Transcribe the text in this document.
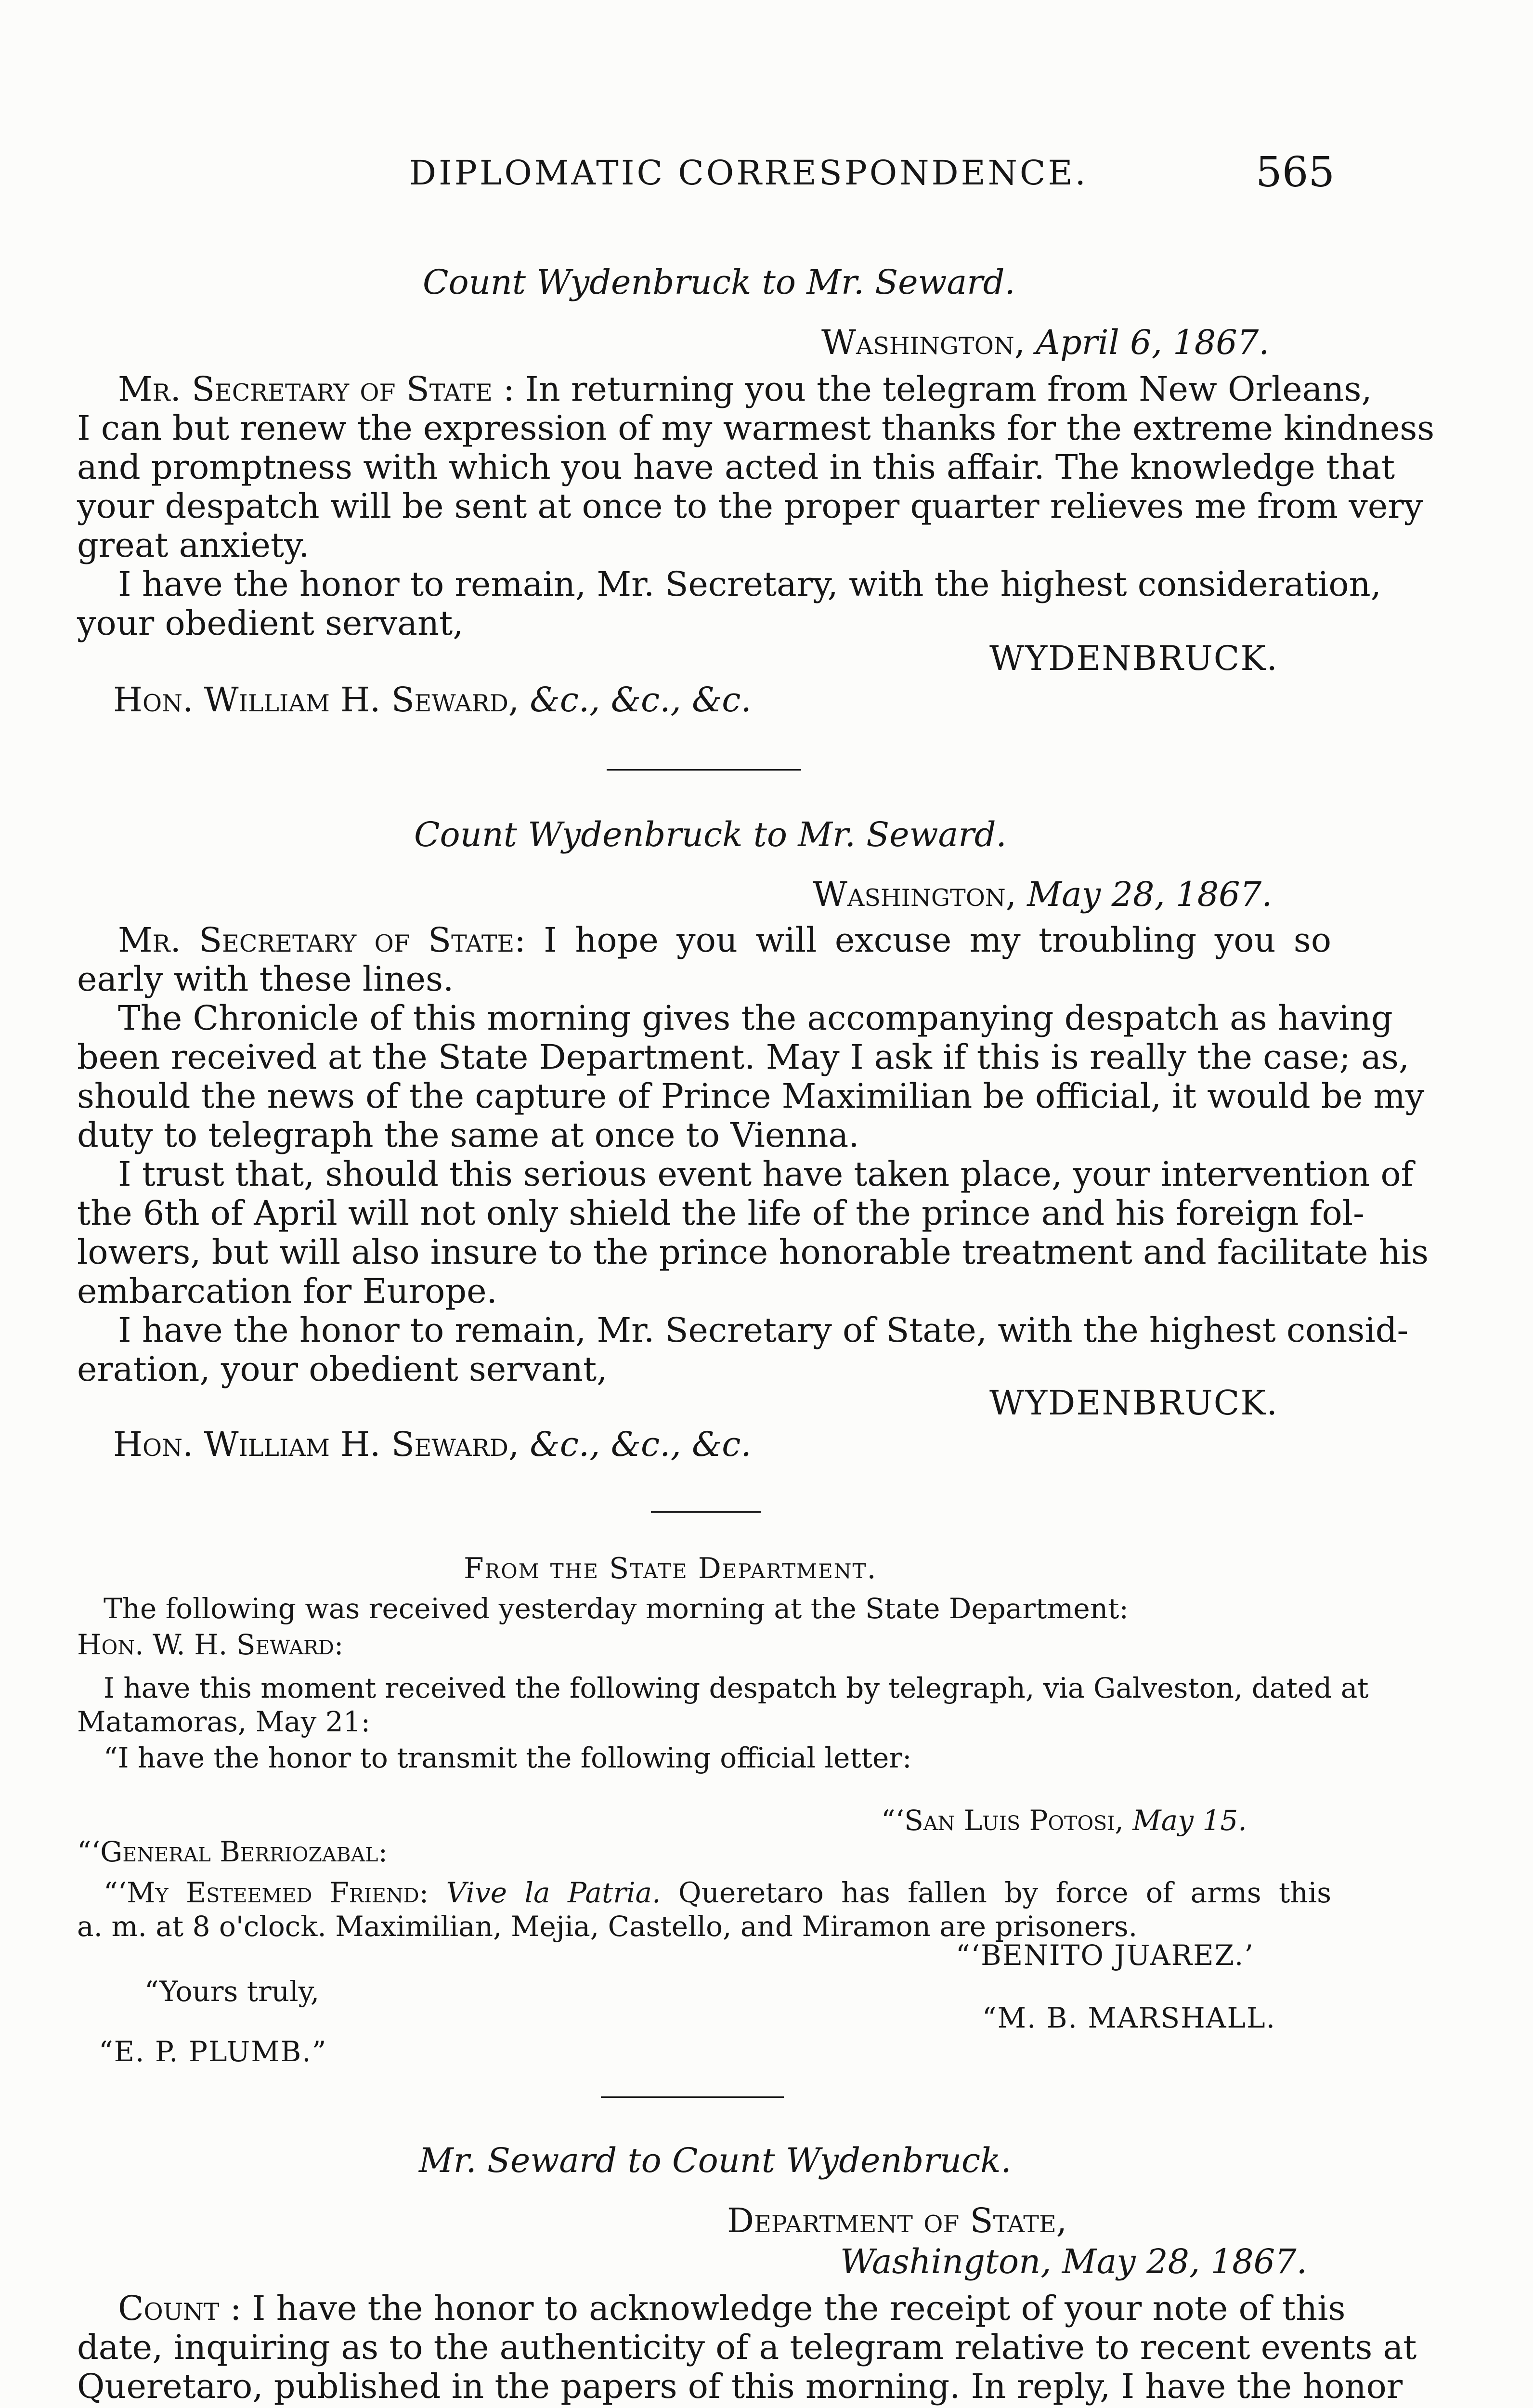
DIPLOMATIC CORRESPONDENCE.	565
Count Wydenbruck to Mr. Seward.
Washington, April 6, 1867.
Mr. Secretary of State : In returning you the telegram from New Orleans,
I can but renew the expression of my warmest thanks for the extreme kindness
and promptness with which you have acted in this affair. The knowledge that
your despatch will be sent at once to the proper quarter relieves me from very
great anxiety.
I have the honor to remain, Mr. Secretary, with the highest consideration,
your obedient servant,
WYDENBRUCK.
Hon. William H. Seward, &c., &c., &c.
Count Wydenbruck to Mr. Seward.
Washington, May 28, 1867.
Mr. Secretary of State: I hope you will excuse my troubling you so
early with these lines.
The Chronicle of this morning gives the accompanying despatch as having
been received at the State Department. May I ask if this is really the case; as,
should the news of the capture of Prince Maximilian be official, it would be my
duty to telegraph the same at once to Vienna.
I trust that, should this serious event have taken place, your intervention of
the 6th of April will not only shield the life of the prince and his foreign fol-
lowers, but will also insure to the prince honorable treatment and facilitate his
embarcation for Europe.
I have the honor to remain, Mr. Secretary of State, with the highest consid-
eration, your obedient servant,
WYDENBRUCK.
Hon. William H. Seward, &c., &c., &c.
From the State Department.
The following was received yesterday morning at the State Department:
Hon. W. H. Seward:
I have this moment received the following despatch by telegraph, via Galveston, dated at
Matamoras, May 21:
“I have the honor to transmit the following official letter:
“‘San Luis Potosi, May 15.
“‘General Berriozabal:
“‘My Esteemed Friend: Vive la Patria. Queretaro has fallen by force of arms this
a. m. at 8 o'clock. Maximilian, Mejia, Castello, and Miramon are prisoners.
“‘BENITO JUAREZ.’
“Yours truly,
“M. B. MARSHALL.
“E. P. PLUMB.”
Mr. Seward to Count Wydenbruck.
Department of State,
Washington, May 28, 1867.
Count : I have the honor to acknowledge the receipt of your note of this
date, inquiring as to the authenticity of a telegram relative to recent events at
Queretaro, published in the papers of this morning. In reply, I have the honor
